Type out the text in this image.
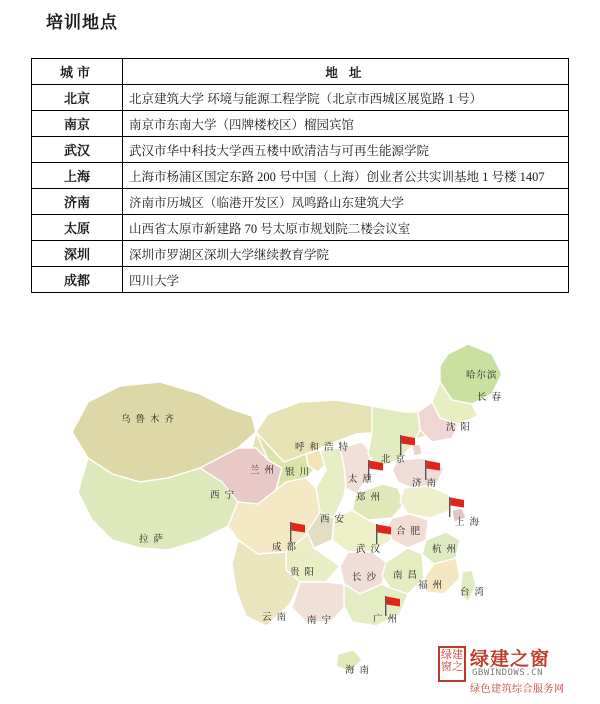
培训地点
城市	地 址
北京	北京建筑大学 环境与能源工程学院（北京市西城区展览路 1 号）
南京	南京市东南大学（四牌楼校区）榴园宾馆
武汉	武汉市华中科技大学西五楼中欧清洁与可再生能源学院
上海	上海市杨浦区国定东路 200 号中国（上海）创业者公共实训基地 1 号楼 1407
济南	济南市历城区（临港开发区）凤鸣路山东建筑大学
太原	山西省太原市新建路 70 号太原市规划院二楼会议室
深圳	深圳市罗湖区深圳大学继续教育学院
成都	四川大学
哈尔滨
长 春
沈 阳
乌 鲁 木 齐
呼 和 浩 特
兰 州 银 川
太 原
北 京
济 南
西 宁	郑 州
西 安
合 肥
上 海
拉 萨
成 都	武 汉	杭 州
长 沙
贵 阳	南 昌
福 州
云 南 南 宁	广 州
台 湾
海 南
绿建窗之 绿建之窗
GBWINDOWS.CN
绿色建筑综合服务网
